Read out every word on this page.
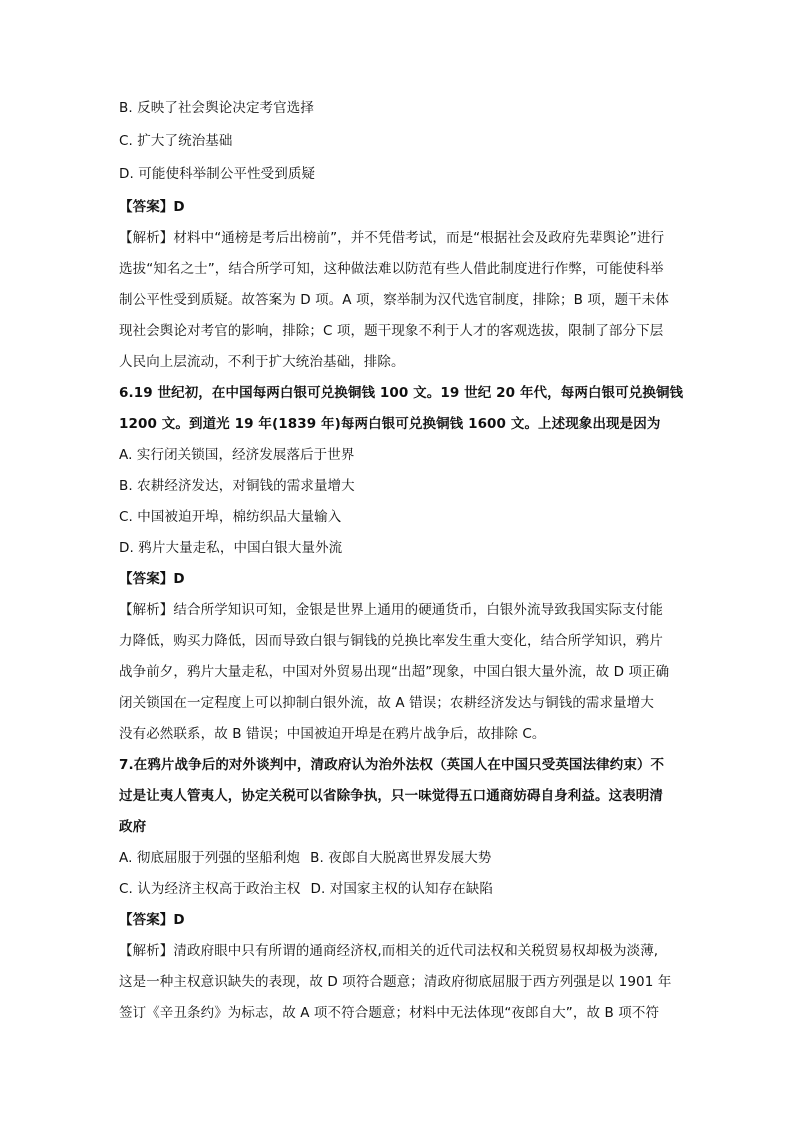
B. 反映了社会舆论决定考官选择
C. 扩大了统治基础
D. 可能使科举制公平性受到质疑
【答案】D
【解析】材料中“通榜是考后出榜前”，并不凭借考试，而是“根据社会及政府先辈舆论”进行
选拔“知名之士”，结合所学可知，这种做法难以防范有些人借此制度进行作弊，可能使科举
制公平性受到质疑。故答案为 D 项。A 项，察举制为汉代选官制度，排除；B 项，题干未体
现社会舆论对考官的影响，排除；C 项，题干现象不利于人才的客观选拔，限制了部分下层
人民向上层流动，不利于扩大统治基础，排除。
6.19 世纪初，在中国每两白银可兑换铜钱 100 文。19 世纪 20 年代，每两白银可兑换铜钱
1200 文。到道光 19 年(1839 年)每两白银可兑换铜钱 1600 文。上述现象出现是因为
A. 实行闭关锁国，经济发展落后于世界
B. 农耕经济发达，对铜钱的需求量增大
C. 中国被迫开埠，棉纺织品大量输入
D. 鸦片大量走私，中国白银大量外流
【答案】D
【解析】结合所学知识可知，金银是世界上通用的硬通货币，白银外流导致我国实际支付能
力降低，购买力降低，因而导致白银与铜钱的兑换比率发生重大变化，结合所学知识，鸦片
战争前夕，鸦片大量走私，中国对外贸易出现“出超”现象，中国白银大量外流，故 D 项正确
闭关锁国在一定程度上可以抑制白银外流，故 A 错误；农耕经济发达与铜钱的需求量增大
没有必然联系，故 B 错误；中国被迫开埠是在鸦片战争后，故排除 C。
7.在鸦片战争后的对外谈判中，清政府认为治外法权（英国人在中国只受英国法律约束）不
过是让夷人管夷人，协定关税可以省除争执，只一味觉得五口通商妨碍自身利益。这表明清
政府
A. 彻底屈服于列强的坚船利炮 B. 夜郎自大脱离世界发展大势
C. 认为经济主权高于政治主权 D. 对国家主权的认知存在缺陷
【答案】D
【解析】清政府眼中只有所谓的通商经济权,而相关的近代司法权和关税贸易权却极为淡薄,
这是一种主权意识缺失的表现，故 D 项符合题意；清政府彻底屈服于西方列强是以 1901 年
签订《辛丑条约》为标志，故 A 项不符合题意；材料中无法体现“夜郎自大”，故 B 项不符
